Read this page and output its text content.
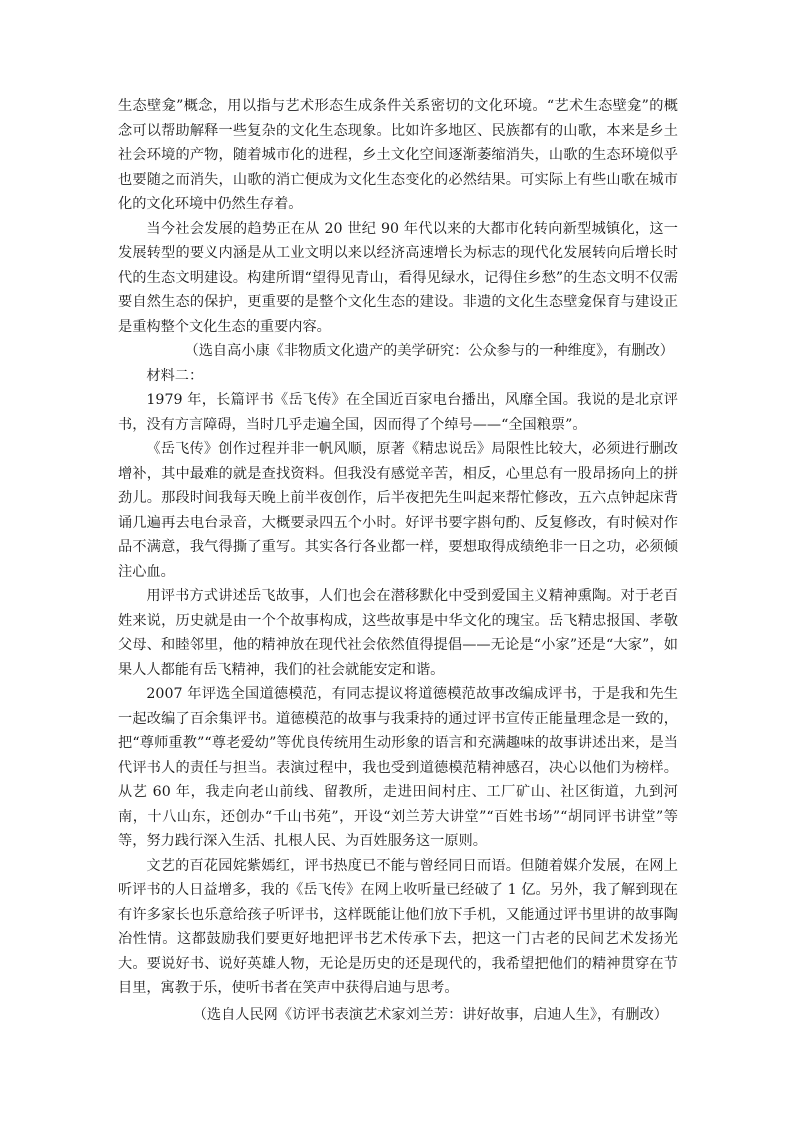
生态壁龛”概念，用以指与艺术形态生成条件关系密切的文化环境。“艺术生态壁龛”的概念可以帮助解释一些复杂的文化生态现象。比如许多地区、民族都有的山歌，本来是乡土社会环境的产物，随着城市化的进程，乡土文化空间逐渐萎缩消失，山歌的生态环境似乎也要随之而消失，山歌的消亡便成为文化生态变化的必然结果。可实际上有些山歌在城市化的文化环境中仍然生存着。

当今社会发展的趋势正在从 20 世纪 90 年代以来的大都市化转向新型城镇化，这一发展转型的要义内涵是从工业文明以来以经济高速增长为标志的现代化发展转向后增长时代的生态文明建设。构建所谓“望得见青山，看得见绿水，记得住乡愁”的生态文明不仅需要自然生态的保护，更重要的是整个文化生态的建设。非遗的文化生态壁龛保育与建设正是重构整个文化生态的重要内容。

（选自高小康《非物质文化遗产的美学研究：公众参与的一种维度》，有删改）

材料二：

1979 年，长篇评书《岳飞传》在全国近百家电台播出，风靡全国。我说的是北京评书，没有方言障碍，当时几乎走遍全国，因而得了个绰号——“全国粮票”。

《岳飞传》创作过程并非一帆风顺，原著《精忠说岳》局限性比较大，必须进行删改增补，其中最难的就是查找资料。但我没有感觉辛苦，相反，心里总有一股昂扬向上的拼劲儿。那段时间我每天晚上前半夜创作，后半夜把先生叫起来帮忙修改，五六点钟起床背诵几遍再去电台录音，大概要录四五个小时。好评书要字斟句酌、反复修改，有时候对作品不满意，我气得撕了重写。其实各行各业都一样，要想取得成绩绝非一日之功，必须倾注心血。

用评书方式讲述岳飞故事，人们也会在潜移默化中受到爱国主义精神熏陶。对于老百姓来说，历史就是由一个个故事构成，这些故事是中华文化的瑰宝。岳飞精忠报国、孝敬父母、和睦邻里，他的精神放在现代社会依然值得提倡——无论是“小家”还是“大家”，如果人人都能有岳飞精神，我们的社会就能安定和谐。

2007 年评选全国道德模范，有同志提议将道德模范故事改编成评书，于是我和先生一起改编了百余集评书。道德模范的故事与我秉持的通过评书宣传正能量理念是一致的，把“尊师重教”“尊老爱幼”等优良传统用生动形象的语言和充满趣味的故事讲述出来，是当代评书人的责任与担当。表演过程中，我也受到道德模范精神感召，决心以他们为榜样。从艺 60 年，我走向老山前线、留教所，走进田间村庄、工厂矿山、社区街道，九到河南，十八山东，还创办“千山书苑”，开设“刘兰芳大讲堂”“百姓书场”“胡同评书讲堂”等等，努力践行深入生活、扎根人民、为百姓服务这一原则。

文艺的百花园姹紫嫣红，评书热度已不能与曾经同日而语。但随着媒介发展，在网上听评书的人日益增多，我的《岳飞传》在网上收听量已经破了 1 亿。另外，我了解到现在有许多家长也乐意给孩子听评书，这样既能让他们放下手机，又能通过评书里讲的故事陶冶性情。这都鼓励我们要更好地把评书艺术传承下去，把这一门古老的民间艺术发扬光大。要说好书、说好英雄人物，无论是历史的还是现代的，我希望把他们的精神贯穿在节目里，寓教于乐，使听书者在笑声中获得启迪与思考。

（选自人民网《访评书表演艺术家刘兰芳：讲好故事，启迪人生》，有删改）
